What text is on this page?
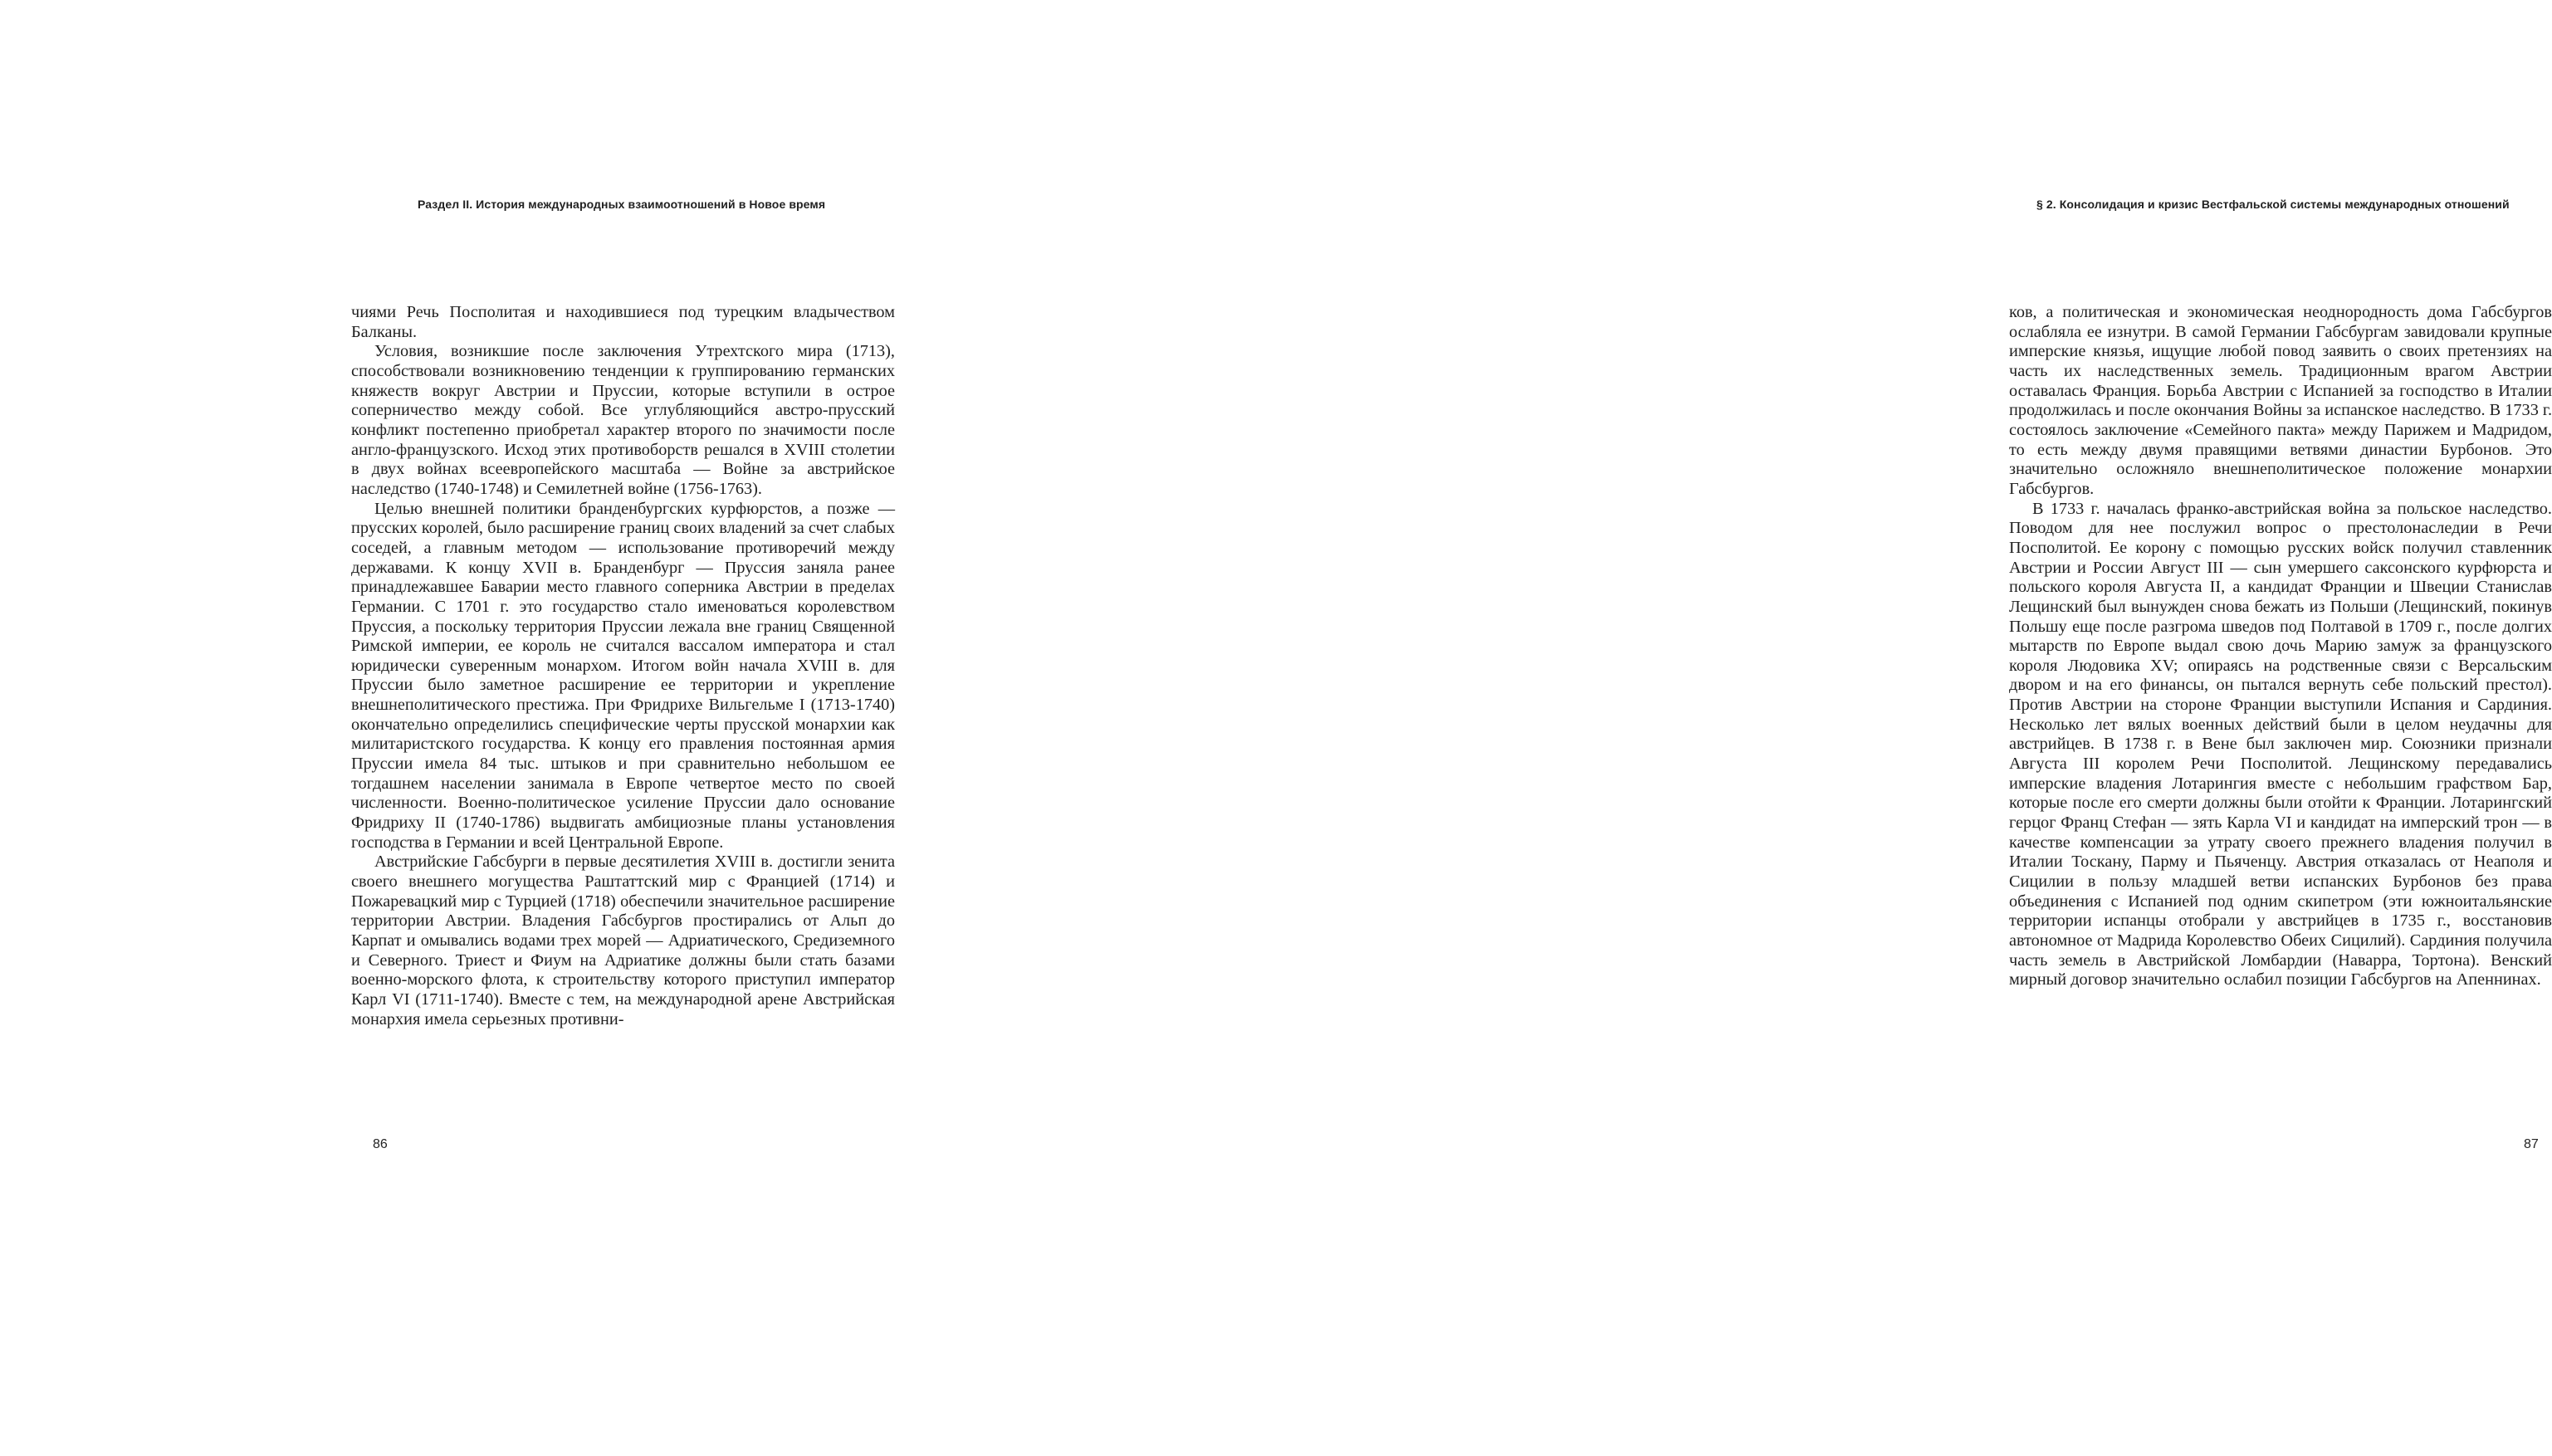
Раздел II. История международных взаимоотношений в Новое время

чиями Речь Посполитая и находившиеся под турецким владычеством Балканы.

Условия, возникшие после заключения Утрехтского мира (1713), способствовали возникновению тенденции к группированию германских княжеств вокруг Австрии и Пруссии, которые вступили в острое соперничество между собой. Все углубляющийся австро-прусский конфликт постепенно приобретал характер второго по значимости после англо-французского. Исход этих противоборств решался в XVIII столетии в двух войнах всеевропейского масштаба — Войне за австрийское наследство (1740-1748) и Семилетней войне (1756-1763).

Целью внешней политики бранденбургских курфюрстов, а позже — прусских королей, было расширение границ своих владений за счет слабых соседей, а главным методом — использование противоречий между державами. К концу XVII в. Бранденбург — Пруссия заняла ранее принадлежавшее Баварии место главного соперника Австрии в пределах Германии. С 1701 г. это государство стало именоваться королевством Пруссия, а поскольку территория Пруссии лежала вне границ Священной Римской империи, ее король не считался вассалом императора и стал юридически суверенным монархом. Итогом войн начала XVIII в. для Пруссии было заметное расширение ее территории и укрепление внешнеполитического престижа. При Фридрихе Вильгельме I (1713-1740) окончательно определились специфические черты прусской монархии как милитаристского государства. К концу его правления постоянная армия Пруссии имела 84 тыс. штыков и при сравнительно небольшом ее тогдашнем населении занимала в Европе четвертое место по своей численности. Военно-политическое усиление Пруссии дало основание Фридриху II (1740-1786) выдвигать амбициозные планы установления господства в Германии и всей Центральной Европе.

Австрийские Габсбурги в первые десятилетия XVIII в. достигли зенита своего внешнего могущества Раштаттский мир с Францией (1714) и Пожаревацкий мир с Турцией (1718) обеспечили значительное расширение территории Австрии. Владения Габсбургов простирались от Альп до Карпат и омывались водами трех морей — Адриатического, Средиземного и Северного. Триест и Фиум на Адриатике должны были стать базами военно-морского флота, к строительству которого приступил император Карл VI (1711-1740). Вместе с тем, на международной арене Австрийская монархия имела серьезных противни-

86
§ 2. Консолидация и кризис Вестфальской системы международных отношений

ков, а политическая и экономическая неоднородность дома Габсбургов ослабляла ее изнутри. В самой Германии Габсбургам завидовали крупные имперские князья, ищущие любой повод заявить о своих претензиях на часть их наследственных земель. Традиционным врагом Австрии оставалась Франция. Борьба Австрии с Испанией за господство в Италии продолжилась и после окончания Войны за испанское наследство. В 1733 г. состоялось заключение «Семейного пакта» между Парижем и Мадридом, то есть между двумя правящими ветвями династии Бурбонов. Это значительно осложняло внешнеполитическое положение монархии Габсбургов.

В 1733 г. началась франко-австрийская война за польское наследство. Поводом для нее послужил вопрос о престолонаследии в Речи Посполитой. Ее корону с помощью русских войск получил ставленник Австрии и России Август III — сын умершего саксонского курфюрста и польского короля Августа II, а кандидат Франции и Швеции Станислав Лещинский был вынужден снова бежать из Польши (Лещинский, покинув Польшу еще после разгрома шведов под Полтавой в 1709 г., после долгих мытарств по Европе выдал свою дочь Марию замуж за французского короля Людовика XV; опираясь на родственные связи с Версальским двором и на его финансы, он пытался вернуть себе польский престол). Против Австрии на стороне Франции выступили Испания и Сардиния. Несколько лет вялых военных действий были в целом неудачны для австрийцев. В 1738 г. в Вене был заключен мир. Союзники признали Августа III королем Речи Посполитой. Лещинскому передавались имперские владения Лотарингия вместе с небольшим графством Бар, которые после его смерти должны были отойти к Франции. Лотарингский герцог Франц Стефан — зять Карла VI и кандидат на имперский трон — в качестве компенсации за утрату своего прежнего владения получил в Италии Тоскану, Парму и Пьяченцу. Австрия отказалась от Неаполя и Сицилии в пользу младшей ветви испанских Бурбонов без права объединения с Испанией под одним скипетром (эти южноитальянские территории испанцы отобрали у австрийцев в 1735 г., восстановив автономное от Мадрида Королевство Обеих Сицилий). Сардиния получила часть земель в Австрийской Ломбардии (Наварра, Тортона). Венский мирный договор значительно ослабил позиции Габсбургов на Апеннинах.

87
